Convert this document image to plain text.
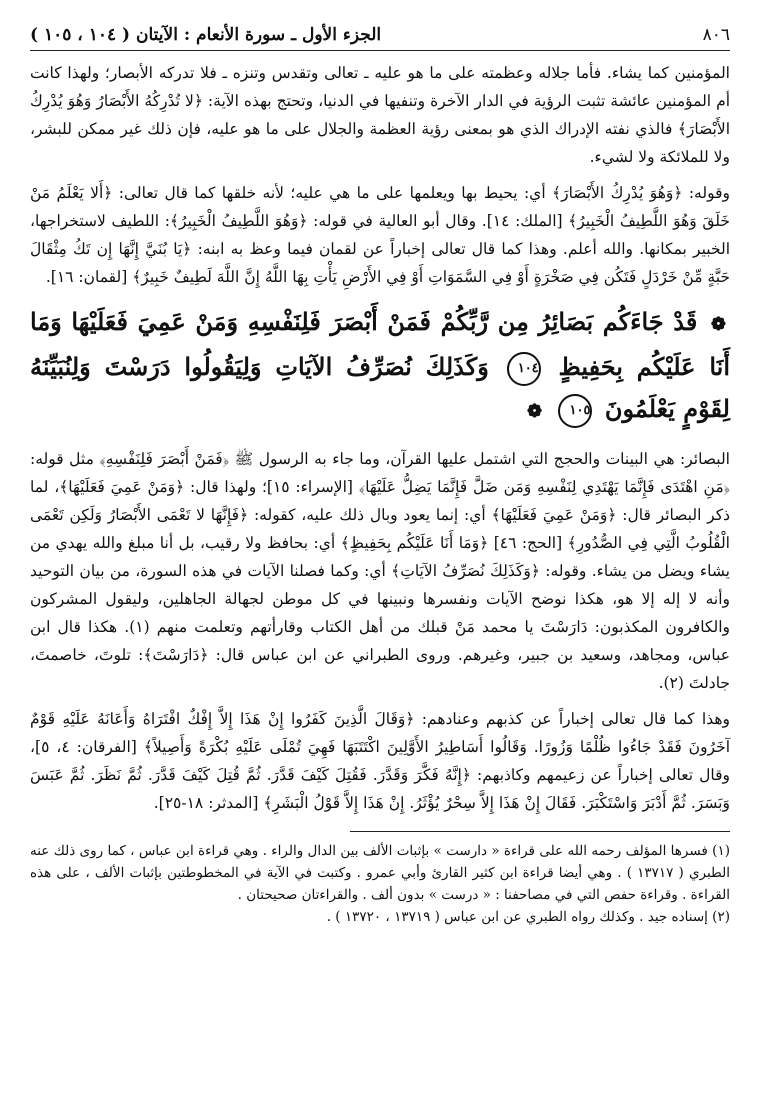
٨٠٦
الجزء الأول ـ سورة الأنعام : الآيتان ( ١٠٤ ، ١٠٥ )

المؤمنين كما يشاء. فأما جلاله وعظمته على ما هو عليه ـ تعالى وتقدس وتنزه ـ فلا تدركه الأبصار؛ ولهذا كانت أم المؤمنين عائشة تثبت الرؤية في الدار الآخرة وتنفيها في الدنيا، وتحتج بهذه الآية: ﴿لا تُدْرِكُهُ الأَبْصَارُ وَهُوَ يُدْرِكُ الأَبْصَارَ﴾ فالذي نفته الإدراك الذي هو بمعنى رؤية العظمة والجلال على ما هو عليه، فإن ذلك غير ممكن للبشر، ولا للملائكة ولا لشيء.

وقوله: ﴿وَهُوَ يُدْرِكُ الأَبْصَارَ﴾ أي: يحيط بها ويعلمها على ما هي عليه؛ لأنه خلقها كما قال تعالى: ﴿أَلا يَعْلَمُ مَنْ خَلَقَ وَهُوَ اللَّطِيفُ الْخَبِيرُ﴾ [الملك: ١٤]. وقال أبو العالية في قوله: ﴿وَهُوَ اللَّطِيفُ الْخَبِيرُ﴾: اللطيف لاستخراجها، الخبير بمكانها. والله أعلم. وهذا كما قال تعالى إخباراً عن لقمان فيما وعظ به ابنه: ﴿يَا بُنَيَّ إِنَّهَا إِن تَكُ مِثْقَالَ حَبَّةٍ مِّنْ خَرْدَلٍ فَتَكُن فِي صَخْرَةٍ أَوْ فِي السَّمَوَاتِ أَوْ فِي الأَرْضِ يَأْتِ بِهَا اللَّهُ إِنَّ اللَّهَ لَطِيفٌ خَبِيرٌ﴾ [لقمان: ١٦].

❁ قَدْ جَاءَكُم بَصَائِرُ مِن رَّبِّكُمْ فَمَنْ أَبْصَرَ فَلِنَفْسِهِ وَمَنْ عَمِيَ فَعَلَيْهَا وَمَا أَنَا عَلَيْكُم بِحَفِيظٍ ١٠٤ وَكَذَلِكَ نُصَرِّفُ الآيَاتِ وَلِيَقُولُوا دَرَسْتَ وَلِنُبَيِّنَهُ لِقَوْمٍ يَعْلَمُونَ ١٠٥ ❁

البصائر: هي البينات والحجج التي اشتمل عليها القرآن، وما جاء به الرسول ﷺ ﴿فَمَنْ أَبْصَرَ فَلِنَفْسِهِ﴾ مثل قوله: ﴿مَنِ اهْتَدَى فَإِنَّمَا يَهْتَدِي لِنَفْسِهِ وَمَن ضَلَّ فَإِنَّمَا يَضِلُّ عَلَيْهَا﴾ [الإسراء: ١٥]؛ ولهذا قال: ﴿وَمَنْ عَمِيَ فَعَلَيْهَا﴾، لما ذكر البصائر قال: ﴿وَمَنْ عَمِيَ فَعَلَيْهَا﴾ أي: إنما يعود وبال ذلك عليه، كقوله: ﴿فَإِنَّهَا لا تَعْمَى الأَبْصَارُ وَلَكِن تَعْمَى الْقُلُوبُ الَّتِي فِي الصُّدُورِ﴾ [الحج: ٤٦] ﴿وَمَا أَنَا عَلَيْكُم بِحَفِيظٍ﴾ أي: بحافظ ولا رقيب، بل أنا مبلغ والله يهدي من يشاء ويضل من يشاء. وقوله: ﴿وَكَذَلِكَ نُصَرِّفُ الآيَاتِ﴾ أي: وكما فصلنا الآيات في هذه السورة، من بيان التوحيد وأنه لا إله إلا هو، هكذا نوضح الآيات ونفسرها ونبينها في كل موطن لجهالة الجاهلين، وليقول المشركون والكافرون المكذبون: دَارَسْتَ يا محمد مَنْ قبلك من أهل الكتاب وقارأتهم وتعلمت منهم (١). هكذا قال ابن عباس، ومجاهد، وسعيد بن جبير، وغيرهم. وروى الطبراني عن ابن عباس قال: ﴿دَارَسْتَ﴾: تلوتَ، خاصمتَ، جادلتَ (٢).

وهذا كما قال تعالى إخباراً عن كذبهم وعنادهم: ﴿وَقَالَ الَّذِينَ كَفَرُوا إِنْ هَذَا إِلاَّ إِفْكٌ افْتَرَاهُ وَأَعَانَهُ عَلَيْهِ قَوْمٌ آخَرُونَ فَقَدْ جَاءُوا ظُلْمًا وَزُورًا. وَقَالُوا أَسَاطِيرُ الأَوَّلِينَ اكْتَتَبَهَا فَهِيَ تُمْلَى عَلَيْهِ بُكْرَةً وَأَصِيلاً﴾ [الفرقان: ٤، ٥]، وقال تعالى إخباراً عن زعيمهم وكاذبهم: ﴿إِنَّهُ فَكَّرَ وَقَدَّرَ. فَقُتِلَ كَيْفَ قَدَّرَ. ثُمَّ قُتِلَ كَيْفَ قَدَّرَ. ثُمَّ نَظَرَ. ثُمَّ عَبَسَ وَبَسَرَ. ثُمَّ أَدْبَرَ وَاسْتَكْبَرَ. فَقَالَ إِنْ هَذَا إِلاَّ سِحْرٌ يُؤْثَرُ. إِنْ هَذَا إِلاَّ قَوْلُ الْبَشَرِ﴾ [المدثر: ١٨-٢٥].

(١) فسرها المؤلف رحمه الله على قراءة « دارست » بإثبات الألف بين الدال والراء . وهي قراءة ابن عباس ، كما روى ذلك عنه الطبري ( ١٣٧١٧ ) . وهي أيضا قراءة ابن كثير القارئ وأبي عمرو . وكتبت في الآية في المخطوطتين بإثبات الألف ، على هذه القراءة . وقراءة حفص التي في مصاحفنا : « درست » بدون ألف . والقراءتان صحيحتان .

(٢) إسناده جيد . وكذلك رواه الطبري عن ابن عباس ( ١٣٧١٩ ، ١٣٧٢٠ ) .
